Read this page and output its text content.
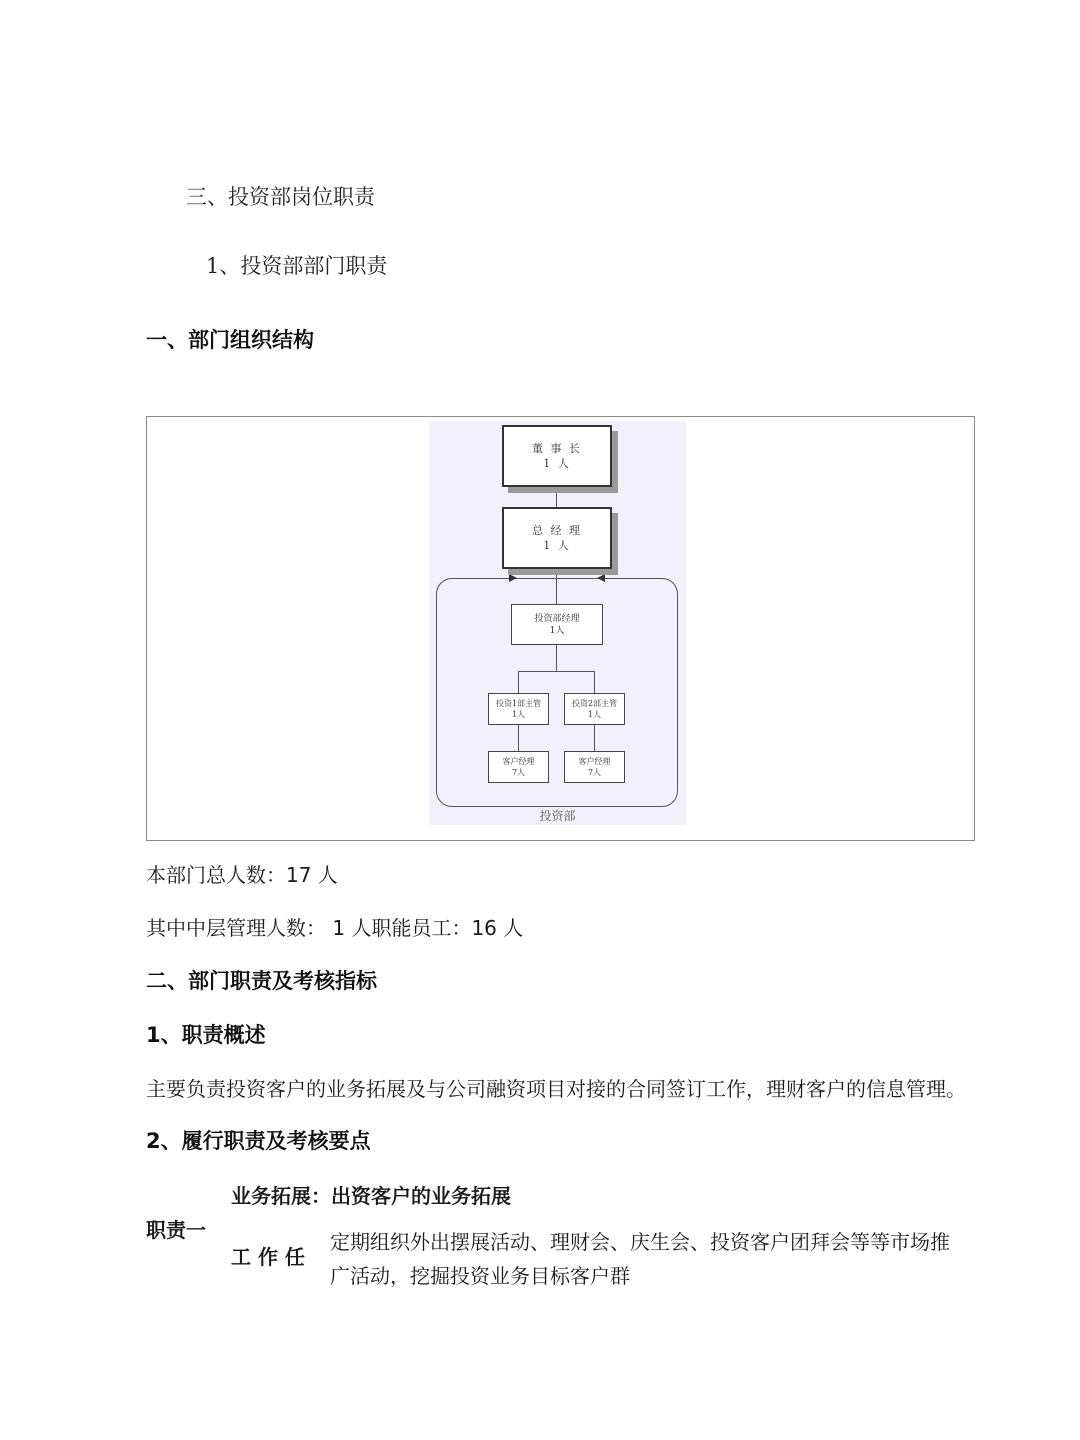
三、投资部岗位职责
1、投资部部门职责
一、部门组织结构
董 事 长
1 人
总 经 理
1 人
投资部经理
1人
投资1部主管
1人
投资2部主管
1人
客户经理
7人
客户经理
7人
投资部
本部门总人数：17 人
其中中层管理人数： 1 人职能员工：16 人
二、部门职责及考核指标
1、职责概述
主要负责投资客户的业务拓展及与公司融资项目对接的合同签订工作，理财客户的信息管理。
2、履行职责及考核要点
职责一
业务拓展：出资客户的业务拓展
工 作 任
定期组织外出摆展活动、理财会、庆生会、投资客户团拜会等等市场推
广活动，挖掘投资业务目标客户群
